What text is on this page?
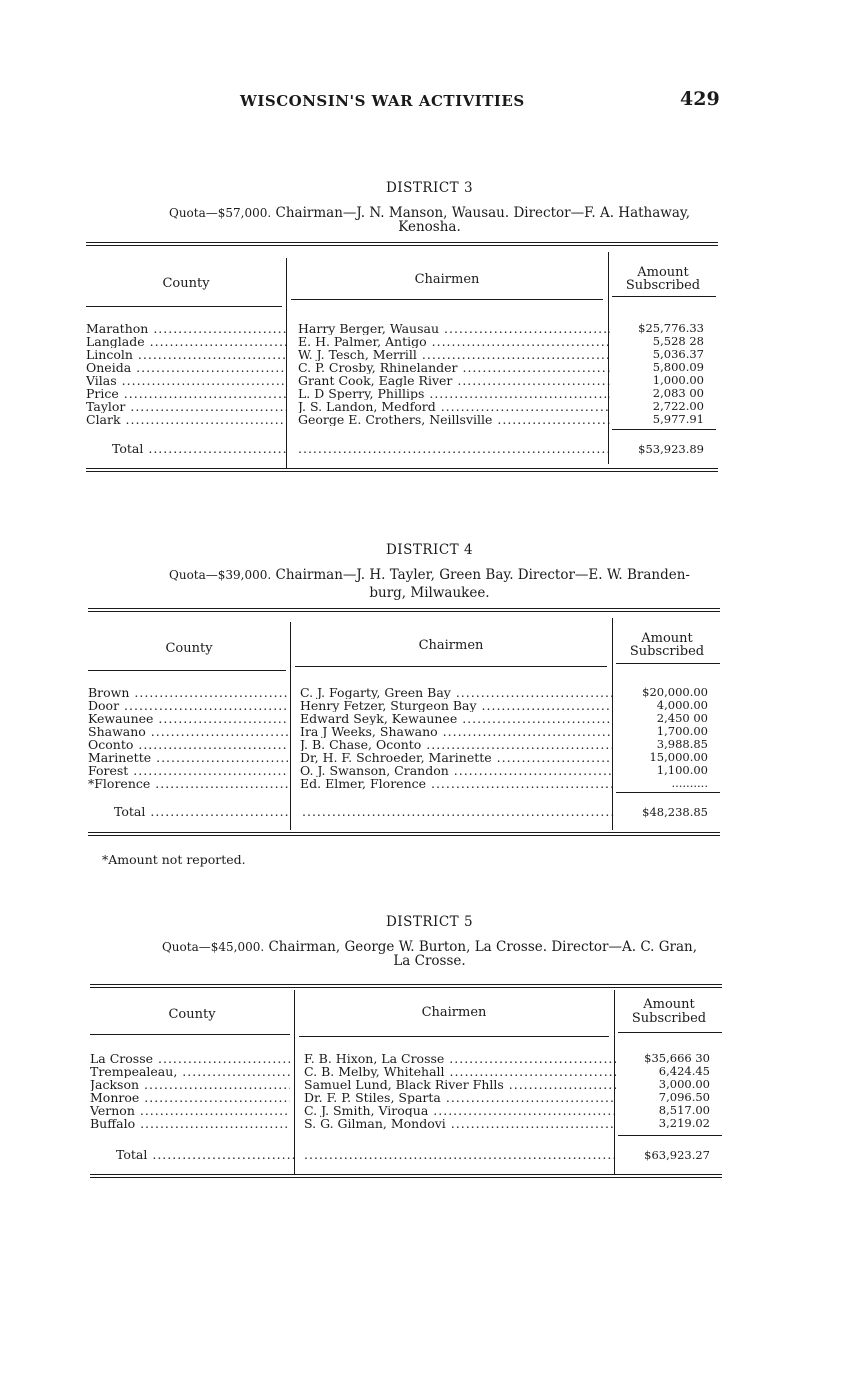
WISCONSIN'S WAR ACTIVITIES	429
DISTRICT 3
Quota—$57,000. Chairman—J. N. Manson, Wausau. Director—F. A. Hathaway,
Kenosha.
County	Chairmen	Amount
Subscribed
Marathon .....	Harry Berger, Wausau .....	$25,776.33
Langlade .....	E. H. Palmer, Antigo .....	5,528 28
Lincoln .....	W. J. Tesch, Merrill .....	5,036.37
Oneida .....	C. P. Crosby, Rhinelander .....	5,800.09
Vilas .....	Grant Cook, Eagle River .....	1,000.00
Price .....	L. D Sperry, Phillips .....	2,083 00
Taylor .....	J. S. Landon, Medford .....	2,722.00
Clark .....	George E. Crothers, Neillsville .....	5,977.91
Total ..... .....	$53,923.89
DISTRICT 4
Quota—$39,000. Chairman—J. H. Tayler, Green Bay. Director—E. W. Branden-
burg, Milwaukee.
County	Chairmen	Amount
Subscribed
Brown .....	C. J. Fogarty, Green Bay .....	$20,000.00
Door .....	Henry Fetzer, Sturgeon Bay .....	4,000.00
Kewaunee .....	Edward Seyk, Kewaunee .....	2,450 00
Shawano .....	Ira J Weeks, Shawano .....	1,700.00
Oconto .....	J. B. Chase, Oconto .....	3,988.85
Marinette .....	Dr, H. F. Schroeder, Marinette .....	15,000.00
Forest .....	O. J. Swanson, Crandon .....	1,100.00
*Florence .....	Ed. Elmer, Florence .....	..........
Total ..... .....	$48,238.85
*Amount not reported.
DISTRICT 5
Quota—$45,000. Chairman, George W. Burton, La Crosse. Director—A. C. Gran,
La Crosse.
County	Chairmen
Amount
Subscribed
La Crosse .....	F. B. Hixon, La Crosse .....	$35,666 30
Trempealeau, .....	C. B. Melby, Whitehall .....	6,424.45
Jackson .....	Samuel Lund, Black River Fhlls .....	3,000.00
Monroe .....	Dr. F. P. Stiles, Sparta .....	7,096.50
Vernon .....	C. J. Smith, Viroqua .....	8,517.00
Buffalo .....	S. G. Gilman, Mondovi .....	3,219.02
Total ..... .....	$63,923.27
